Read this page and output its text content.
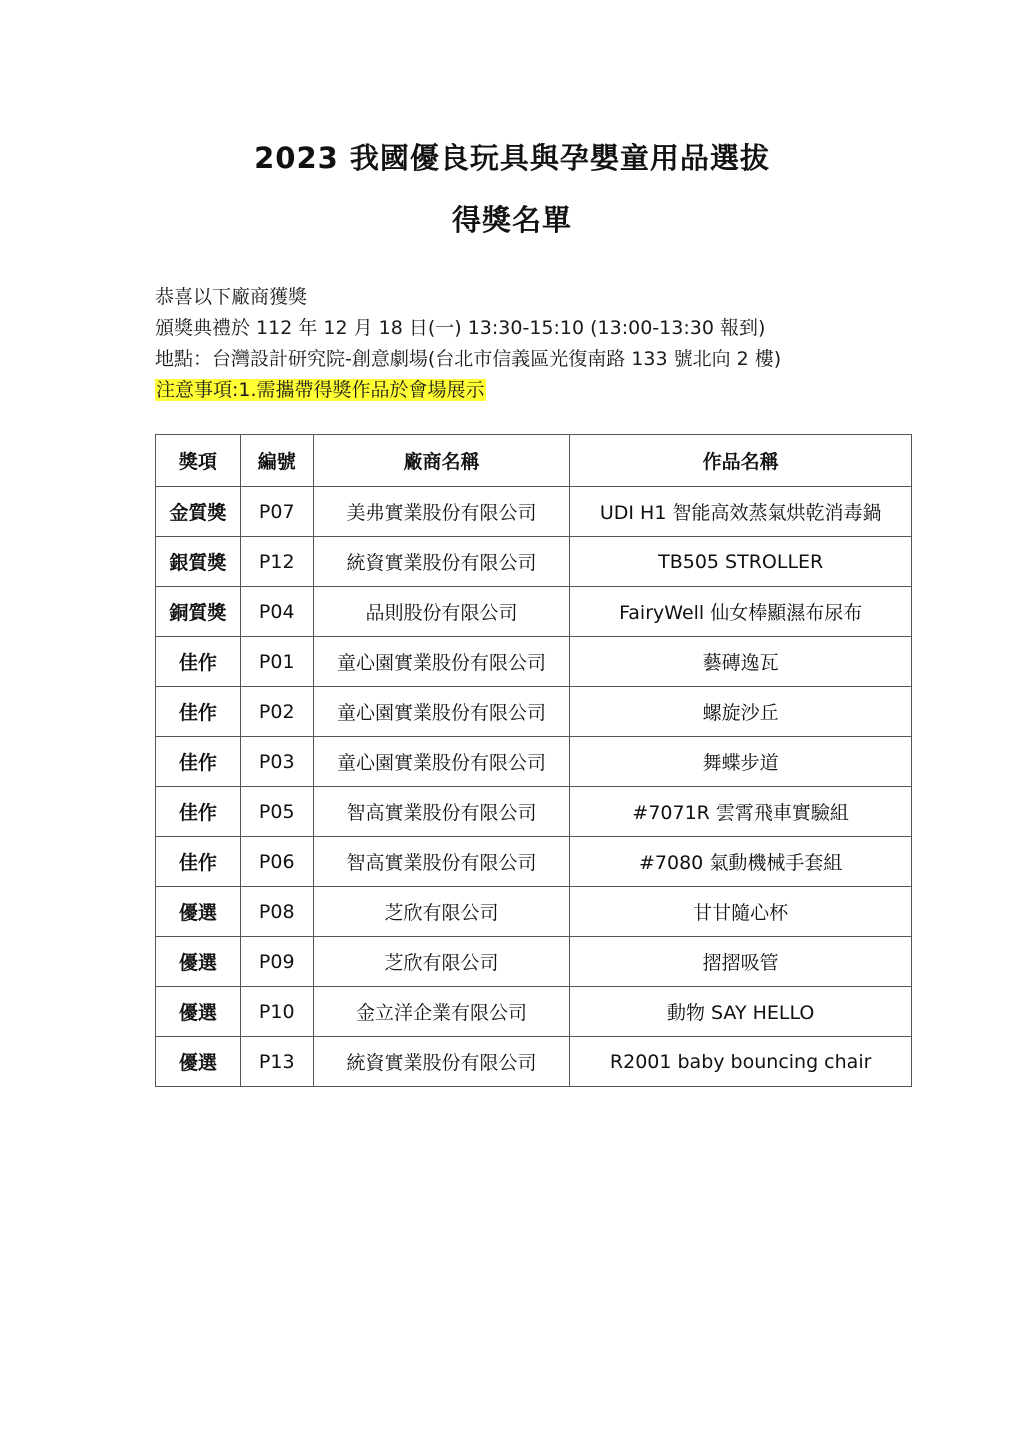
2023 我國優良玩具與孕嬰童用品選拔
得獎名單
恭喜以下廠商獲獎
頒獎典禮於 112 年 12 月 18 日(一) 13:30-15:10 (13:00-13:30 報到)
地點：台灣設計研究院-創意劇場(台北市信義區光復南路 133 號北向 2 樓)
注意事項:1.需攜帶得獎作品於會場展示
獎項	編號	廠商名稱	作品名稱
金質獎	P07	美弗實業股份有限公司	UDI H1 智能高效蒸氣烘乾消毒鍋
銀質獎	P12	統資實業股份有限公司	TB505 STROLLER
銅質獎	P04	品則股份有限公司	FairyWell 仙女棒顯濕布尿布
佳作	P01	童心園實業股份有限公司	藝磚逸瓦
佳作	P02	童心園實業股份有限公司	螺旋沙丘
佳作	P03	童心園實業股份有限公司	舞蝶步道
佳作	P05	智高實業股份有限公司	#7071R 雲霄飛車實驗組
佳作	P06	智高實業股份有限公司	#7080 氣動機械手套組
優選	P08	芝欣有限公司	甘甘隨心杯
優選	P09	芝欣有限公司	摺摺吸管
優選	P10	金立洋企業有限公司	動物 SAY HELLO
優選	P13	統資實業股份有限公司	R2001 baby bouncing chair
